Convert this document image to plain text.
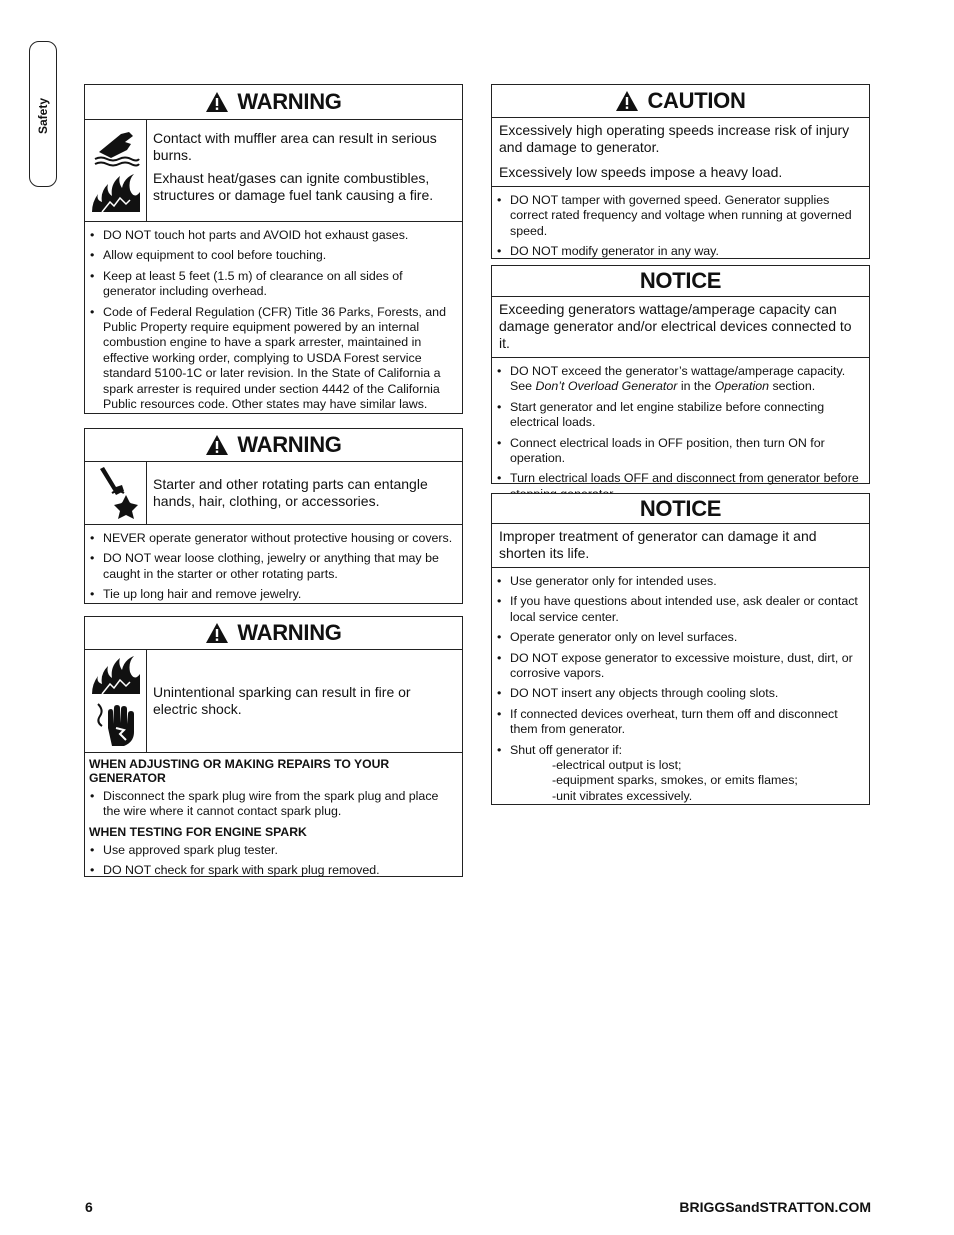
Safety	WARNING

Contact with muffler area can result in serious burns.

Exhaust heat/gases can ignite combustibles, structures or damage fuel tank causing a fire.

• DO NOT touch hot parts and AVOID hot exhaust gases.
• Allow equipment to cool before touching.
• Keep at least 5 feet (1.5 m) of clearance on all sides of generator including overhead.
• Code of Federal Regulation (CFR) Title 36 Parks, Forests, and Public Property require equipment powered by an internal combustion engine to have a spark arrester, maintained in effective working order, complying to USDA Forest service standard 5100-1C or later revision. In the State of California a spark arrester is required under section 4442 of the California Public resources code. Other states may have similar laws.
WARNING

Starter and other rotating parts can entangle hands, hair, clothing, or accessories.

• NEVER operate generator without protective housing or covers.
• DO NOT wear loose clothing, jewelry or anything that may be caught in the starter or other rotating parts.
• Tie up long hair and remove jewelry.
WARNING

Unintentional sparking can result in fire or electric shock.

WHEN ADJUSTING OR MAKING REPAIRS TO YOUR GENERATOR
• Disconnect the spark plug wire from the spark plug and place the wire where it cannot contact spark plug.
WHEN TESTING FOR ENGINE SPARK
• Use approved spark plug tester.
• DO NOT check for spark with spark plug removed.
CAUTION

Excessively high operating speeds increase risk of injury and damage to generator.

Excessively low speeds impose a heavy load.

• DO NOT tamper with governed speed. Generator supplies correct rated frequency and voltage when running at governed speed.
• DO NOT modify generator in any way.
NOTICE
Exceeding generators wattage/amperage capacity can damage generator and/or electrical devices connected to it.
• DO NOT exceed the generator’s wattage/amperage capacity. See Don’t Overload Generator in the Operation section.
• Start generator and let engine stabilize before connecting electrical loads.
• Connect electrical loads in OFF position, then turn ON for operation.
• Turn electrical loads OFF and disconnect from generator before
NOTICE
Improper treatment of generator can damage it and shorten its life.
• Use generator only for intended uses.
• If you have questions about intended use, ask dealer or contact local service center.
• Operate generator only on level surfaces.
• DO NOT expose generator to excessive moisture, dust, dirt, or corrosive vapors.
• DO NOT insert any objects through cooling slots.
• If connected devices overheat, turn them off and disconnect them from generator.
• Shut off generator if:
-electrical output is lost;
-equipment sparks, smokes, or emits flames;
-unit vibrates excessively.
6	BRIGGSandSTRATTON.COM
